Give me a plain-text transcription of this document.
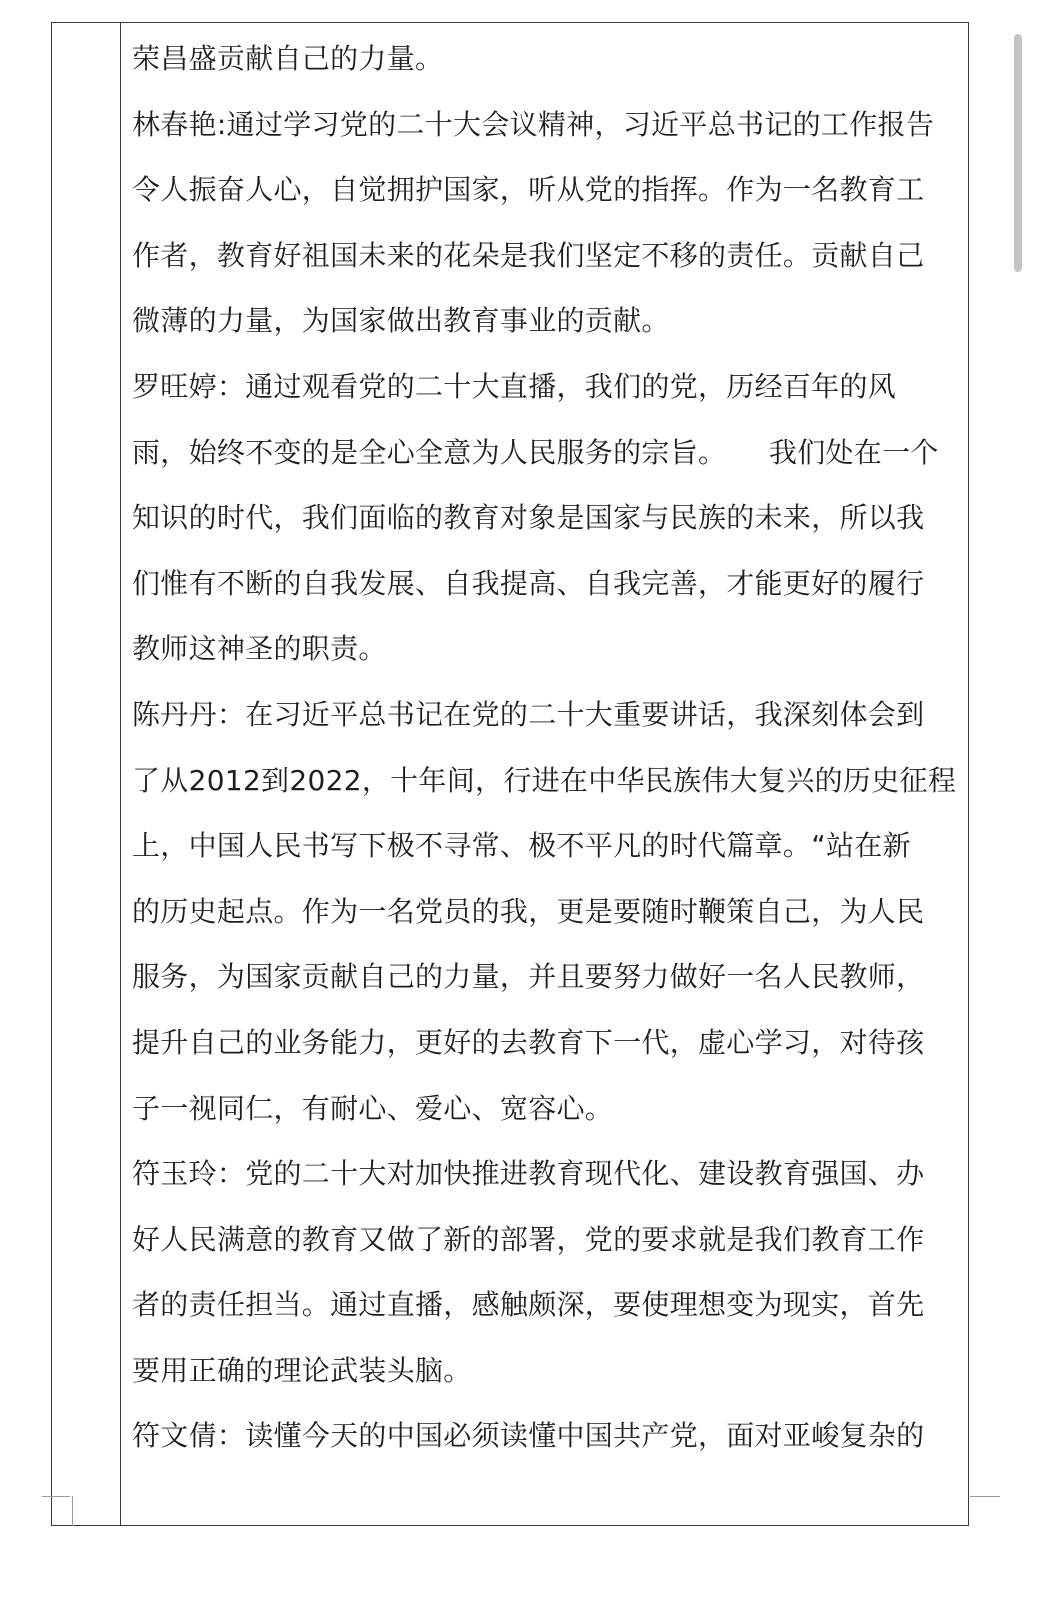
荣昌盛贡献自己的力量。
林春艳:通过学习党的二十大会议精神，习近平总书记的工作报告
令人振奋人心，自觉拥护国家，听从党的指挥。作为一名教育工
作者，教育好祖国未来的花朵是我们坚定不移的责任。贡献自己
微薄的力量，为国家做出教育事业的贡献。
罗旺婷：通过观看党的二十大直播，我们的党，历经百年的风
雨，始终不变的是全心全意为人民服务的宗旨。　　我们处在一个
知识的时代，我们面临的教育对象是国家与民族的未来，所以我
们惟有不断的自我发展、自我提高、自我完善，才能更好的履行
教师这神圣的职责。
陈丹丹：在习近平总书记在党的二十大重要讲话，我深刻体会到
了从2012到2022，十年间，行进在中华民族伟大复兴的历史征程
上，中国人民书写下极不寻常、极不平凡的时代篇章。“站在新
的历史起点。作为一名党员的我，更是要随时鞭策自己，为人民
服务，为国家贡献自己的力量，并且要努力做好一名人民教师，
提升自己的业务能力，更好的去教育下一代，虚心学习，对待孩
子一视同仁，有耐心、爱心、宽容心。
符玉玲：党的二十大对加快推进教育现代化、建设教育强国、办
好人民满意的教育又做了新的部署，党的要求就是我们教育工作
者的责任担当。通过直播，感触颇深，要使理想变为现实，首先
要用正确的理论武装头脑。
符文倩：读懂今天的中国必须读懂中国共产党，面对亚峻复杂的
